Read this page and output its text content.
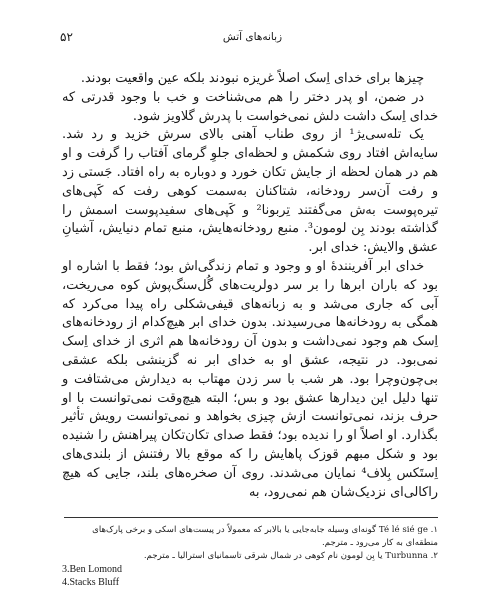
۵۲	زبانه‌های آتش

چیزها برای خدای اِسک اصلاً غریزه نبودند بلکه عین واقعیت بودند.

در ضمن، او پدر دختر را هم می‌شناخت و خب با وجود قدرتی که خدای اِسک داشت دلش نمی‌خواست با پدرش گلاویز شود.

یک تله‌سی‌یژ¹ از روی طناب آهنی بالای سرش خزید و رد شد. سایه‌اش افتاد روی شکمش و لحظه‌ای جلوِ گرمای آفتاب را گرفت و او هم در همان لحظه از جایش تکان خورد و دوباره به راه افتاد. جَستی زد و رفت آن‌سر رودخانه، شتاکنان به‌سمت کوهی رفت که کَپی‌های تیره‌پوست به‌ش می‌گفتند تِربونا² و کَپی‌های سفیدپوست اسمش را گذاشته بودند بِن لومون³. منبع رودخانه‌هایش، منبع تمام دنیایش، آشیانِ عشق والایش: خدای ابر.

خدای ابر آفریننده‌ٔ او و وجود و تمام زندگی‌اش بود؛ فقط با اشاره او بود که باران ابرها را بر سر دولریت‌های گُل‌سنگ‌پوش کوه می‌ریخت، آبی که جاری می‌شد و به زبانه‌های قیفی‌شکلی راه پیدا می‌کرد که همگی به رودخانه‌ها می‌رسیدند. بدون خدای ابر هیچ‌کدام از رودخانه‌های اِسک هم وجود نمی‌داشت و بدون آن رودخانه‌ها هم اثری از خدای اِسک نمی‌بود. در نتیجه، عشق او به خدای ابر نه گزینشی بلکه عشقی بی‌چون‌وچرا بود. هر شب با سر زدن مهتاب به دیدارش می‌شتافت و تنها دلیل این دیدارها عشق بود و بس؛ البته هیچ‌وقت نمی‌توانست با او حرف بزند، نمی‌توانست ازش چیزی بخواهد و نمی‌توانست رویش تأثیر بگذارد. او اصلاً او را ندیده بود؛ فقط صدای تکان‌تکان پیراهنش را شنیده بود و شکل مبهم قوزک پاهایش را که موقع بالا رفتنش از بلندی‌های اِستَکس بِلاف⁴ نمایان می‌شدند. روی آن صخره‌های بلند، جایی که هیچ راکالی‌ای نزدیک‌شان هم نمی‌رود، به

۱. Té lé sié ge گونه‌ای وسیله جابه‌جایی یا بالابر که معمولاً در پیست‌های اسکی و برخی پارک‌های منطقه‌ای به کار می‌رود ـ مترجم.
۲. Turbunna یا بِن لومون نام کوهی در شمال شرقی تاسمانیای استرالیا ـ مترجم.
3.Ben Lomond
4.Stacks Bluff
